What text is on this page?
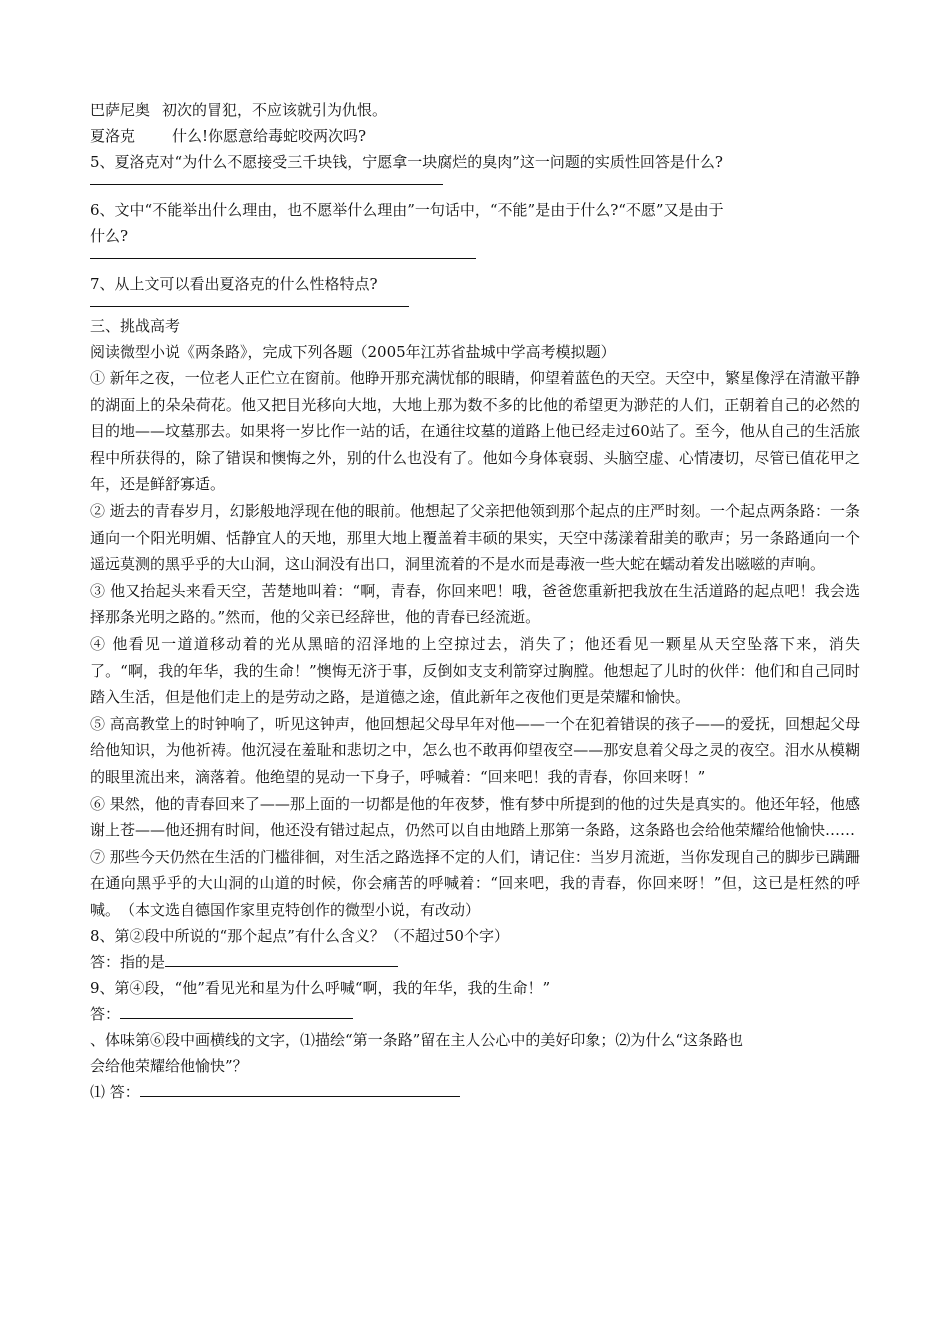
巴萨尼奥 初次的冒犯，不应该就引为仇恨。

夏洛克 什么!你愿意给毒蛇咬两次吗?

5、夏洛克对“为什么不愿接受三千块钱，宁愿拿一块腐烂的臭肉”这一问题的实质性回答是什么?

6、文中“不能举出什么理由，也不愿举什么理由”一句话中，“不能”是由于什么?“不愿”又是由于

什么?

7、从上文可以看出夏洛克的什么性格特点?

三、挑战高考

阅读微型小说《两条路》，完成下列各题（2005年江苏省盐城中学高考模拟题）

① 新年之夜，一位老人正伫立在窗前。他睁开那充满忧郁的眼睛，仰望着蓝色的天空。天空中，繁星像浮在清澈平静的湖面上的朵朵荷花。他又把目光移向大地，大地上那为数不多的比他的希望更为渺茫的人们，正朝着自己的必然的目的地——坟墓那去。如果将一岁比作一站的话，在通往坟墓的道路上他已经走过60站了。至今，他从自己的生活旅程中所获得的，除了错误和懊悔之外，别的什么也没有了。他如今身体衰弱、头脑空虚、心情凄切，尽管已值花甲之年，还是鲜舒寡适。

② 逝去的青春岁月，幻影般地浮现在他的眼前。他想起了父亲把他领到那个起点的庄严时刻。一个起点两条路：一条通向一个阳光明媚、恬静宜人的天地，那里大地上覆盖着丰硕的果实，天空中荡漾着甜美的歌声；另一条路通向一个遥远莫测的黑乎乎的大山洞，这山洞没有出口，洞里流着的不是水而是毒液一些大蛇在蠕动着发出嗞嗞的声响。

③ 他又抬起头来看天空，苦楚地叫着：“啊，青春，你回来吧！哦，爸爸您重新把我放在生活道路的起点吧！我会选择那条光明之路的。”然而，他的父亲已经辞世，他的青春已经流逝。

④ 他看见一道道移动着的光从黑暗的沼泽地的上空掠过去，消失了；他还看见一颗星从天空坠落下来，消失了。“啊，我的年华，我的生命！”懊悔无济于事，反倒如支支利箭穿过胸膛。他想起了儿时的伙伴：他们和自己同时踏入生活，但是他们走上的是劳动之路，是道德之途，值此新年之夜他们更是荣耀和愉快。

⑤ 高高教堂上的时钟响了，听见这钟声，他回想起父母早年对他——一个在犯着错误的孩子——的爱抚，回想起父母给他知识，为他祈祷。他沉浸在羞耻和悲切之中，怎么也不敢再仰望夜空——那安息着父母之灵的夜空。泪水从模糊的眼里流出来，滴落着。他绝望的晃动一下身子，呼喊着：“回来吧！我的青春，你回来呀！”

⑥ 果然，他的青春回来了——那上面的一切都是他的年夜梦，惟有梦中所提到的他的过失是真实的。他还年轻，他感谢上苍——他还拥有时间，他还没有错过起点，仍然可以自由地踏上那第一条路，这条路也会给他荣耀给他愉快……

⑦ 那些今天仍然在生活的门槛徘徊，对生活之路选择不定的人们，请记住：当岁月流逝，当你发现自己的脚步已蹒跚在通向黑乎乎的大山洞的山道的时候，你会痛苦的呼喊着：“回来吧，我的青春，你回来呀！”但，这已是枉然的呼喊。　 （本文选自德国作家里克特创作的微型小说，有改动）

8、第②段中所说的“那个起点”有什么含义？（不超过50个字）

答：指的是

9、第④段，“他”看见光和星为什么呼喊“啊，我的年华，我的生命！”

答：

、体味第⑥段中画横线的文字，⑴描绘“第一条路”留在主人公心中的美好印象；⑵为什么“这条路也

会给他荣耀给他愉快”？

⑴ 答：
